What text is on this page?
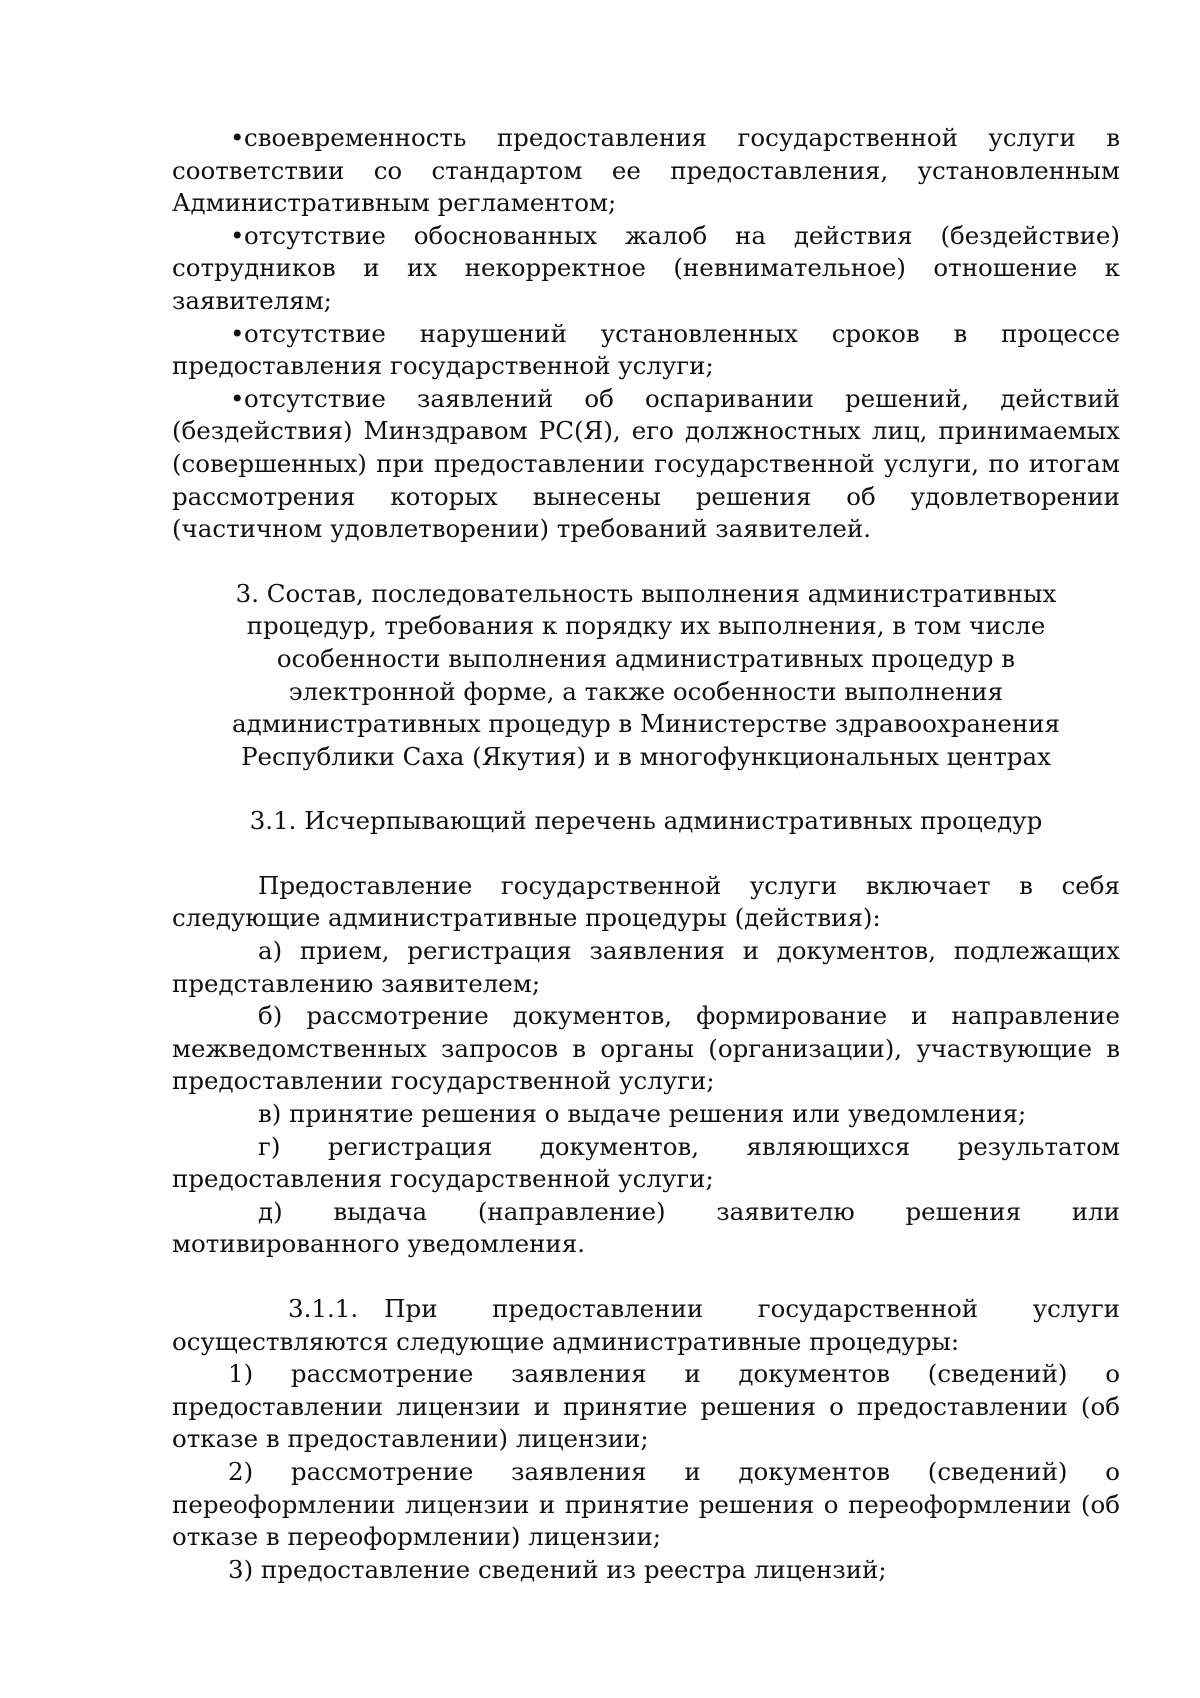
•своевременность предоставления государственной услуги в соответствии со стандартом ее предоставления, установленным Административным регламентом;

•отсутствие обоснованных жалоб на действия (бездействие) сотрудников и их некорректное (невнимательное) отношение к заявителям;

•отсутствие нарушений установленных сроков в процессе предоставления государственной услуги;

•отсутствие заявлений об оспаривании решений, действий (бездействия) Минздравом РС(Я), его должностных лиц, принимаемых (совершенных) при предоставлении государственной услуги, по итогам рассмотрения которых вынесены решения об удовлетворении (частичном удовлетворении) требований заявителей.

3. Состав, последовательность выполнения административных процедур, требования к порядку их выполнения, в том числе особенности выполнения административных процедур в электронной форме, а также особенности выполнения административных процедур в Министерстве здравоохранения Республики Саха (Якутия) и в многофункциональных центрах
3.1. Исчерпывающий перечень административных процедур

Предоставление государственной услуги включает в себя следующие административные процедуры (действия):

а) прием, регистрация заявления и документов, подлежащих представлению заявителем;

б) рассмотрение документов, формирование и направление межведомственных запросов в органы (организации), участвующие в предоставлении государственной услуги;

в) принятие решения о выдаче решения или уведомления;

г) регистрация документов, являющихся результатом предоставления государственной услуги;

д) выдача (направление) заявителю решения или мотивированного уведомления.

3.1.1. При предоставлении государственной услуги осуществляются следующие административные процедуры:

1) рассмотрение заявления и документов (сведений) о предоставлении лицензии и принятие решения о предоставлении (об отказе в предоставлении) лицензии;

2) рассмотрение заявления и документов (сведений) о переоформлении лицензии и принятие решения о переоформлении (об отказе в переоформлении) лицензии;

3) предоставление сведений из реестра лицензий;
